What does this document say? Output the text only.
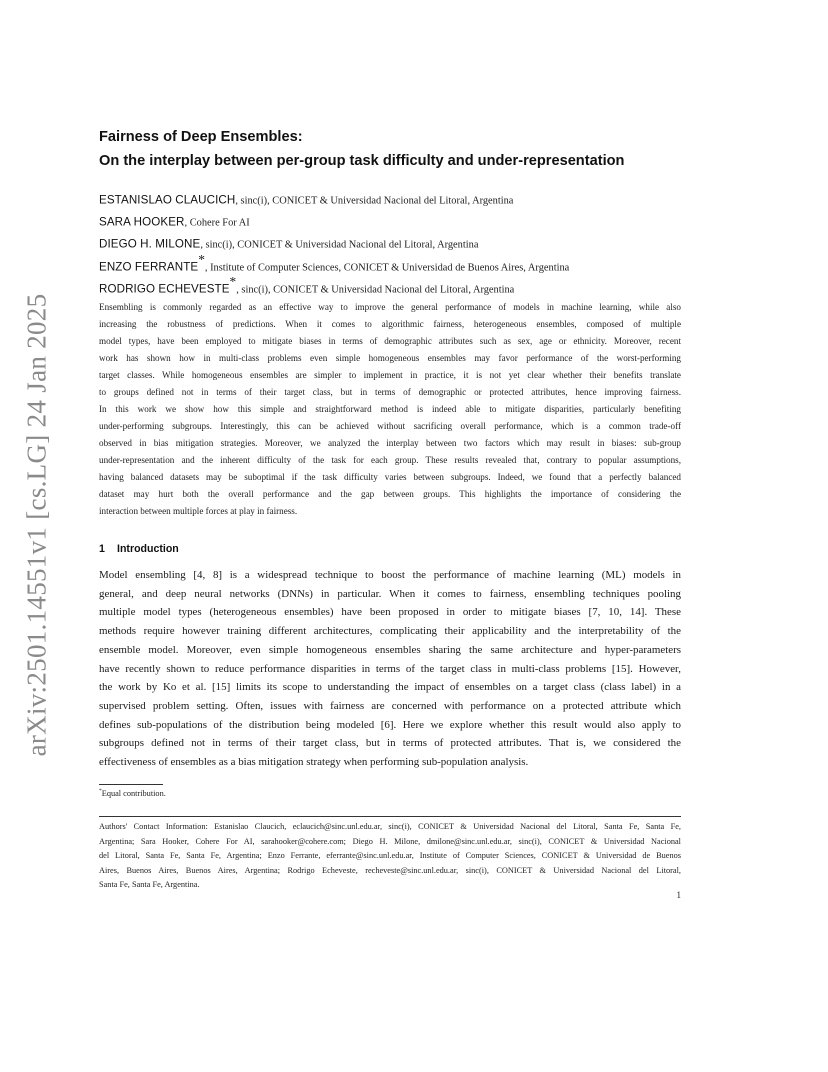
arXiv:2501.14551v1 [cs.LG] 24 Jan 2025
Fairness of Deep Ensembles:
On the interplay between per-group task difficulty and under-representation
ESTANISLAO CLAUCICH, sinc(i), CONICET & Universidad Nacional del Litoral, Argentina
SARA HOOKER, Cohere For AI
DIEGO H. MILONE, sinc(i), CONICET & Universidad Nacional del Litoral, Argentina
ENZO FERRANTE*, Institute of Computer Sciences, CONICET & Universidad de Buenos Aires, Argentina
RODRIGO ECHEVESTE*, sinc(i), CONICET & Universidad Nacional del Litoral, Argentina
Ensembling is commonly regarded as an effective way to improve the general performance of models in machine learning, while also
increasing the robustness of predictions. When it comes to algorithmic fairness, heterogeneous ensembles, composed of multiple
model types, have been employed to mitigate biases in terms of demographic attributes such as sex, age or ethnicity. Moreover, recent
work has shown how in multi-class problems even simple homogeneous ensembles may favor performance of the worst-performing
target classes. While homogeneous ensembles are simpler to implement in practice, it is not yet clear whether their benefits translate
to groups defined not in terms of their target class, but in terms of demographic or protected attributes, hence improving fairness.
In this work we show how this simple and straightforward method is indeed able to mitigate disparities, particularly benefiting
under-performing subgroups. Interestingly, this can be achieved without sacrificing overall performance, which is a common trade-off
observed in bias mitigation strategies. Moreover, we analyzed the interplay between two factors which may result in biases: sub-group
under-representation and the inherent difficulty of the task for each group. These results revealed that, contrary to popular assumptions,
having balanced datasets may be suboptimal if the task difficulty varies between subgroups. Indeed, we found that a perfectly balanced
dataset may hurt both the overall performance and the gap between groups. This highlights the importance of considering the
interaction between multiple forces at play in fairness.
1 Introduction
Model ensembling [4, 8] is a widespread technique to boost the performance of machine learning (ML) models in
general, and deep neural networks (DNNs) in particular. When it comes to fairness, ensembling techniques pooling
multiple model types (heterogeneous ensembles) have been proposed in order to mitigate biases [7, 10, 14]. These
methods require however training different architectures, complicating their applicability and the interpretability of the
ensemble model. Moreover, even simple homogeneous ensembles sharing the same architecture and hyper-parameters
have recently shown to reduce performance disparities in terms of the target class in multi-class problems [15]. However,
the work by Ko et al. [15] limits its scope to understanding the impact of ensembles on a target class (class label) in a
supervised problem setting. Often, issues with fairness are concerned with performance on a protected attribute which
defines sub-populations of the distribution being modeled [6]. Here we explore whether this result would also apply to
subgroups defined not in terms of their target class, but in terms of protected attributes. That is, we considered the
effectiveness of ensembles as a bias mitigation strategy when performing sub-population analysis.
*Equal contribution.
Authors' Contact Information: Estanislao Claucich, eclaucich@sinc.unl.edu.ar, sinc(i), CONICET & Universidad Nacional del Litoral, Santa Fe, Santa Fe,
Argentina; Sara Hooker, Cohere For AI, sarahooker@cohere.com; Diego H. Milone, dmilone@sinc.unl.edu.ar, sinc(i), CONICET & Universidad Nacional
del Litoral, Santa Fe, Santa Fe, Argentina; Enzo Ferrante, eferrante@sinc.unl.edu.ar, Institute of Computer Sciences, CONICET & Universidad de Buenos
Aires, Buenos Aires, Buenos Aires, Argentina; Rodrigo Echeveste, recheveste@sinc.unl.edu.ar, sinc(i), CONICET & Universidad Nacional del Litoral,
Santa Fe, Santa Fe, Argentina.
1
